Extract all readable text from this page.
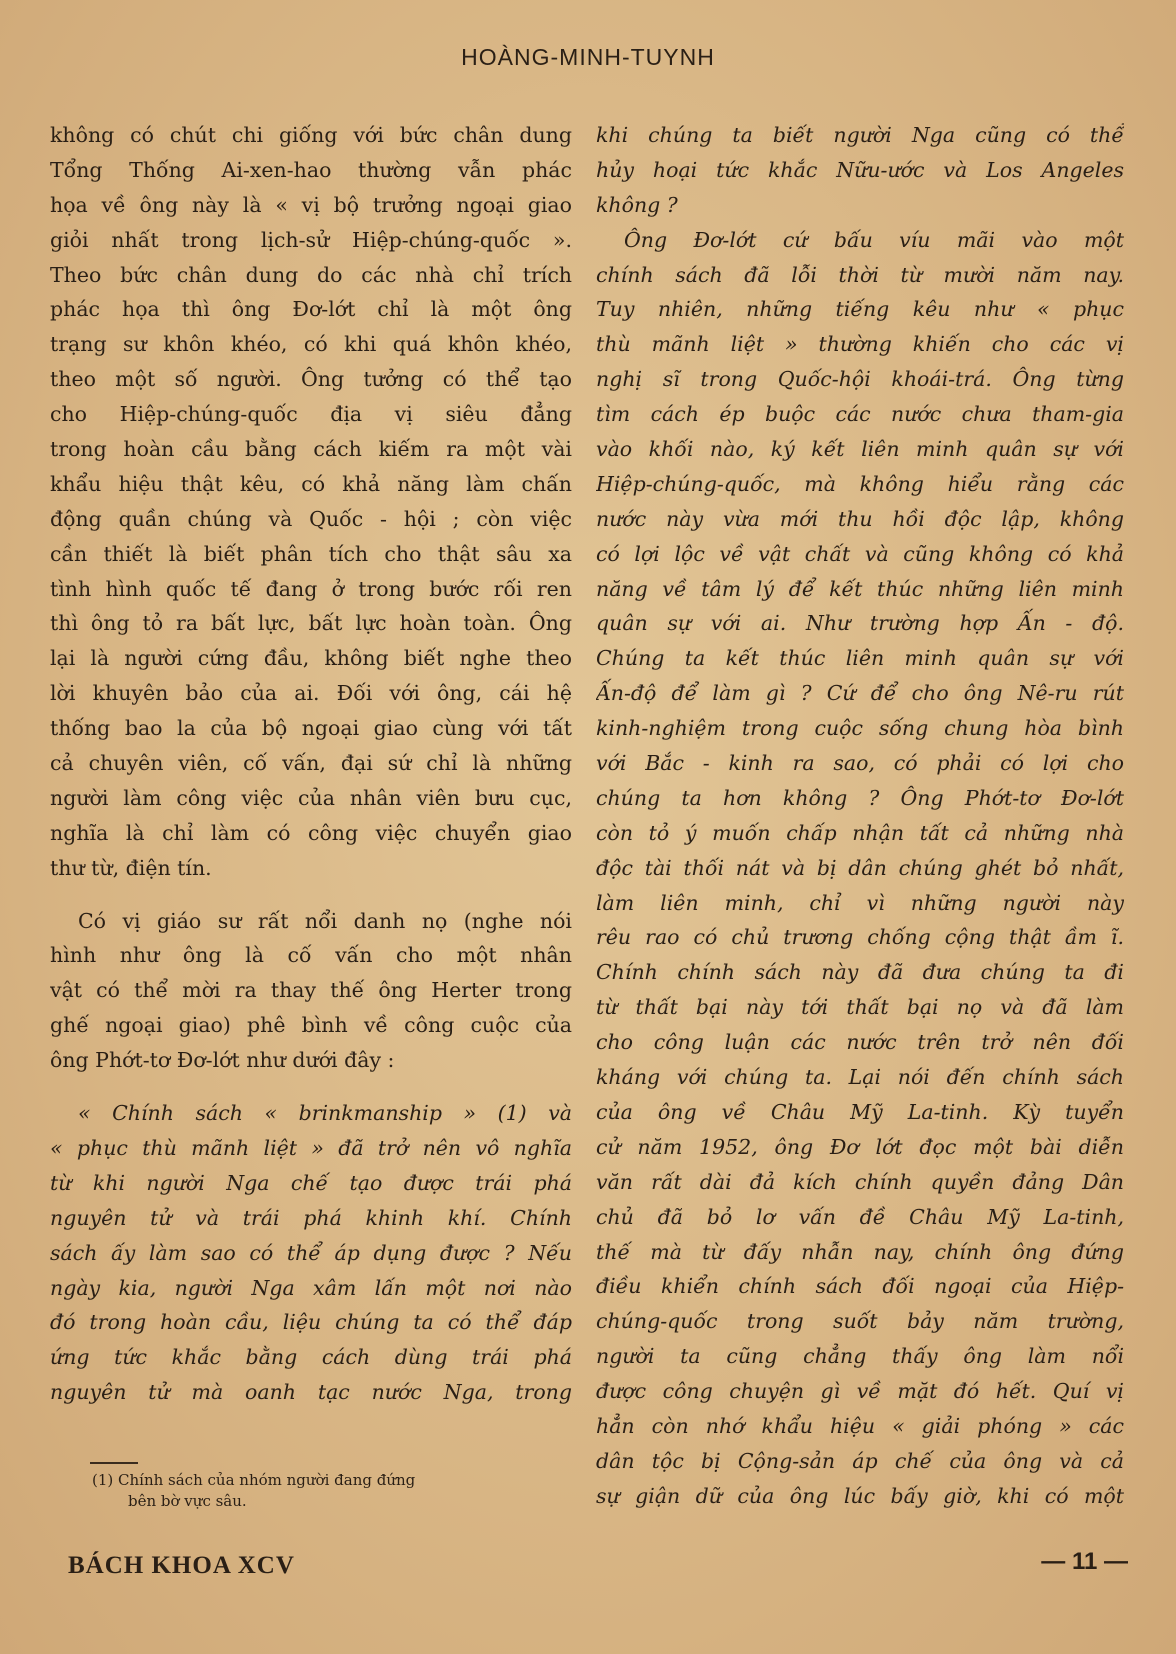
HOÀNG-MINH-TUYNH
không có chút chi giống với bức chân dung
Tổng Thống Ai-xen-hao thường vẫn phác
họa về ông này là « vị bộ trưởng ngoại giao
giỏi nhất trong lịch-sử Hiệp-chúng-quốc ».
Theo bức chân dung do các nhà chỉ trích
phác họa thì ông Đơ-lớt chỉ là một ông
trạng sư khôn khéo, có khi quá khôn khéo,
theo một số người. Ông tưởng có thể tạo
cho Hiệp-chúng-quốc địa vị siêu đẳng
trong hoàn cầu bằng cách kiếm ra một vài
khẩu hiệu thật kêu, có khả năng làm chấn
động quần chúng và Quốc - hội ; còn việc
cần thiết là biết phân tích cho thật sâu xa
tình hình quốc tế đang ở trong bước rối ren
thì ông tỏ ra bất lực, bất lực hoàn toàn. Ông
lại là người cứng đầu, không biết nghe theo
lời khuyên bảo của ai. Đối với ông, cái hệ
thống bao la của bộ ngoại giao cùng với tất
cả chuyên viên, cố vấn, đại sứ chỉ là những
người làm công việc của nhân viên bưu cục,
nghĩa là chỉ làm có công việc chuyển giao
thư từ, điện tín.
Có vị giáo sư rất nổi danh nọ (nghe nói
hình như ông là cố vấn cho một nhân
vật có thể mời ra thay thế ông Herter trong
ghế ngoại giao) phê bình về công cuộc của
ông Phớt-tơ Đơ-lớt như dưới đây :
« Chính sách « brinkmanship » (1) và
« phục thù mãnh liệt » đã trở nên vô nghĩa
từ khi người Nga chế tạo được trái phá
nguyên tử và trái phá khinh khí. Chính
sách ấy làm sao có thể áp dụng được ? Nếu
ngày kia, người Nga xâm lấn một nơi nào
đó trong hoàn cầu, liệu chúng ta có thể đáp
ứng tức khắc bằng cách dùng trái phá
nguyên tử mà oanh tạc nước Nga, trong
khi chúng ta biết người Nga cũng có thể
hủy hoại tức khắc Nữu-ước và Los Angeles
không ?
Ông Đơ-lớt cứ bấu víu mãi vào một
chính sách đã lỗi thời từ mười năm nay.
Tuy nhiên, những tiếng kêu như « phục
thù mãnh liệt » thường khiến cho các vị
nghị sĩ trong Quốc-hội khoái-trá. Ông từng
tìm cách ép buộc các nước chưa tham-gia
vào khối nào, ký kết liên minh quân sự với
Hiệp-chúng-quốc, mà không hiểu rằng các
nước này vừa mới thu hồi độc lập, không
có lợi lộc về vật chất và cũng không có khả
năng về tâm lý để kết thúc những liên minh
quân sự với ai. Như trường hợp Ấn - độ.
Chúng ta kết thúc liên minh quân sự với
Ấn-độ để làm gì ? Cứ để cho ông Nê-ru rút
kinh-nghiệm trong cuộc sống chung hòa bình
với Bắc - kinh ra sao, có phải có lợi cho
chúng ta hơn không ? Ông Phớt-tơ Đơ-lớt
còn tỏ ý muốn chấp nhận tất cả những nhà
độc tài thối nát và bị dân chúng ghét bỏ nhất,
làm liên minh, chỉ vì những người này
rêu rao có chủ trương chống cộng thật ầm ĩ.
Chính chính sách này đã đưa chúng ta đi
từ thất bại này tới thất bại nọ và đã làm
cho công luận các nước trên trở nên đối
kháng với chúng ta. Lại nói đến chính sách
của ông về Châu Mỹ La-tinh. Kỳ tuyển
cử năm 1952, ông Đơ lớt đọc một bài diễn
văn rất dài đả kích chính quyền đảng Dân
chủ đã bỏ lơ vấn đề Châu Mỹ La-tinh,
thế mà từ đấy nhẫn nay, chính ông đứng
điều khiển chính sách đối ngoại của Hiệp-
chúng-quốc trong suốt bảy năm trường,
người ta cũng chẳng thấy ông làm nổi
được công chuyện gì về mặt đó hết. Quí vị
hẳn còn nhớ khẩu hiệu « giải phóng » các
dân tộc bị Cộng-sản áp chế của ông và cả
sự giận dữ của ông lúc bấy giờ, khi có một
(1) Chính sách của nhóm người đang đứng
bên bờ vực sâu.
BÁCH KHOA XCV	— 11 —
